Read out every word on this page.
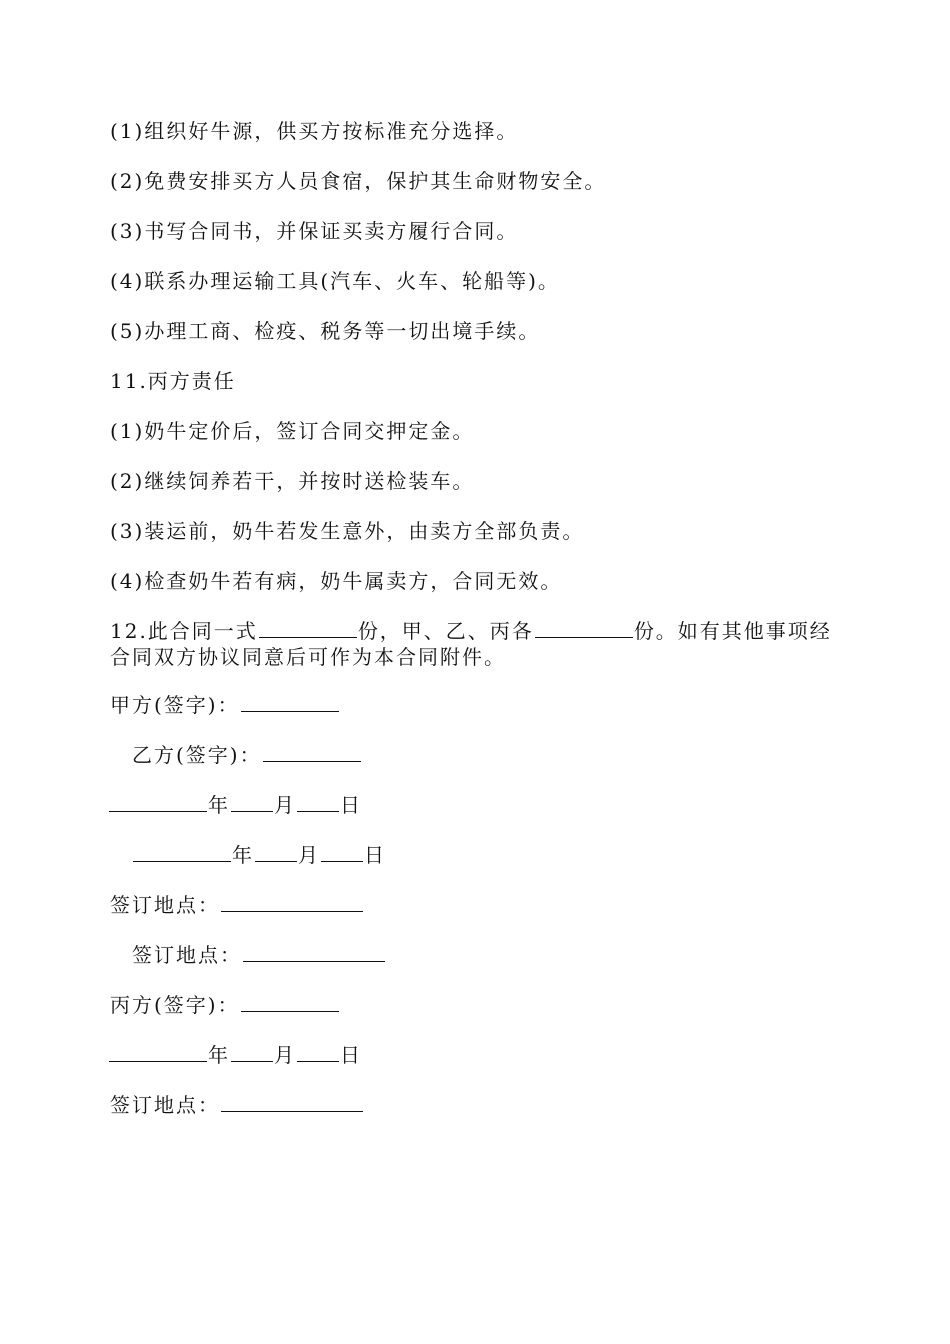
(1)组织好牛源，供买方按标准充分选择。
(2)免费安排买方人员食宿，保护其生命财物安全。
(3)书写合同书，并保证买卖方履行合同。
(4)联系办理运输工具(汽车、火车、轮船等)。
(5)办理工商、检疫、税务等一切出境手续。
11.丙方责任
(1)奶牛定价后，签订合同交押定金。
(2)继续饲养若干，并按时送检装车。
(3)装运前，奶牛若发生意外，由卖方全部负责。
(4)检查奶牛若有病，奶牛属卖方，合同无效。
12.此合同一式	份，甲、乙、丙各	份。如有其他事项经合同双方协议同意后可作为本合同附件。
甲方(签字)：
乙方(签字)：
年 月 日
年 月 日
签订地点：
签订地点：
丙方(签字)：
年 月 日
签订地点：
